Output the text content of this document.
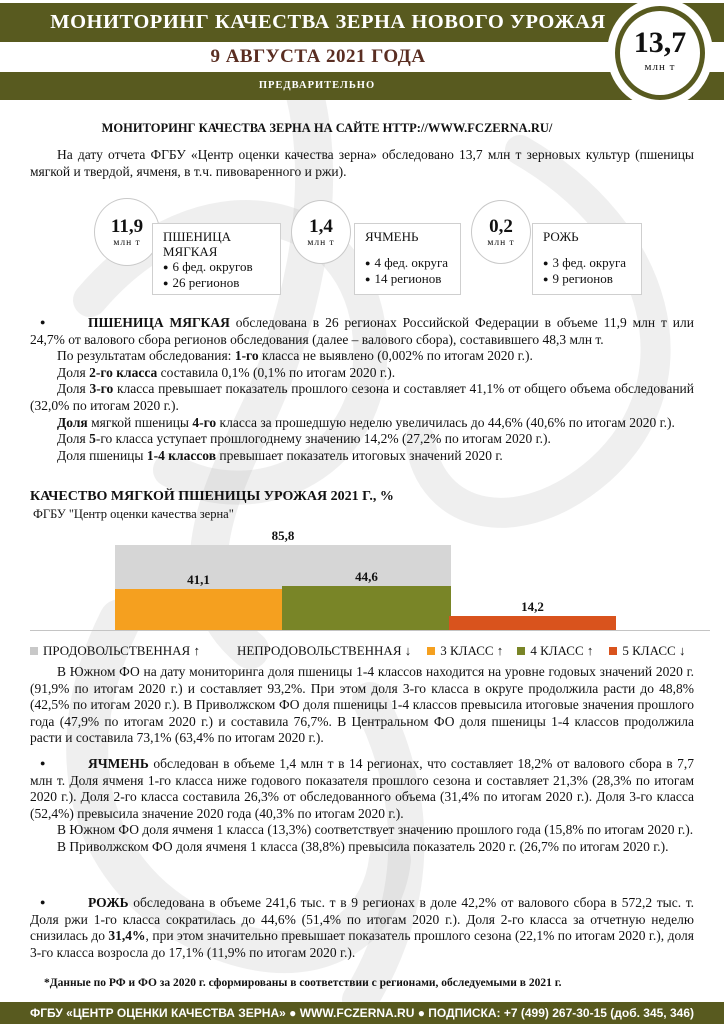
МОНИТОРИНГ КАЧЕСТВА ЗЕРНА НОВОГО УРОЖАЯ
9 АВГУСТА 2021 ГОДА
ПРЕДВАРИТЕЛЬНО
13,7
млн т
МОНИТОРИНГ КАЧЕСТВА ЗЕРНА НА САЙТЕ HTTP://WWW.FCZERNA.RU/
На дату отчета ФГБУ «Центр оценки качества зерна» обследовано 13,7 млн т зерновых культур (пшеницы мягкой и твердой, ячменя, в т.ч. пивоваренного и ржи).
11,9
млн т	ПШЕНИЦА МЯГКАЯ
● 6 фед. округов
● 26 регионов
1,4
млн т	ЯЧМЕНЬ
● 4 фед. округа
● 14 регионов
0,2
млн т	РОЖЬ
● 3 фед. округа
● 9 регионов

●	ПШЕНИЦА МЯГКАЯ обследована в 26 регионах Российской Федерации в объеме 11,9 млн т или 24,7% от валового сбора регионов обследования (далее – валового сбора), составившего 48,3 млн т.

По результатам обследования: 1-го класса не выявлено (0,002% по итогам 2020 г.).

Доля 2-го класса составила 0,1% (0,1% по итогам 2020 г.).

Доля 3-го класса превышает показатель прошлого сезона и составляет 41,1% от общего объема обследований (32,0% по итогам 2020 г.).

Доля мягкой пшеницы 4-го класса за прошедшую неделю увеличилась до 44,6% (40,6% по итогам 2020 г.).

Доля 5-го класса уступает прошлогоднему значению 14,2% (27,2% по итогам 2020 г.).

Доля пшеницы 1-4 классов превышает показатель итоговых значений 2020 г.

КАЧЕСТВО МЯГКОЙ ПШЕНИЦЫ УРОЖАЯ 2021 Г., %
ФГБУ "Центр оценки качества зерна"
85,8
41,1	44,6
14,2
ПРОДОВОЛЬСТВЕННАЯ ↑	НЕПРОДОВОЛЬСТВЕННАЯ ↓ 3 КЛАСС ↑ 4 КЛАСС ↑ 5 КЛАСС ↓

В Южном ФО на дату мониторинга доля пшеницы 1-4 классов находится на уровне годовых значений 2020 г. (91,9% по итогам 2020 г.) и составляет 93,2%. При этом доля 3-го класса в округе продолжила расти до 48,8% (42,5% по итогам 2020 г.). В Приволжском ФО доля пшеницы 1-4 классов превысила итоговые значения прошлого года (47,9% по итогам 2020 г.) и составила 76,7%. В Центральном ФО доля пшеницы 1-4 классов продолжила расти и составила 73,1% (63,4% по итогам 2020 г.).

●	ЯЧМЕНЬ обследован в объеме 1,4 млн т в 14 регионах, что составляет 18,2% от валового сбора в 7,7 млн т. Доля ячменя 1-го класса ниже годового показателя прошлого сезона и составляет 21,3% (28,3% по итогам 2020 г.). Доля 2-го класса составила 26,3% от обследованного объема (31,4% по итогам 2020 г.). Доля 3-го класса (52,4%) превысила значение 2020 года (40,3% по итогам 2020 г.).

В Южном ФО доля ячменя 1 класса (13,3%) соответствует значению прошлого года (15,8% по итогам 2020 г.).

В Приволжском ФО доля ячменя 1 класса (38,8%) превысила показатель 2020 г. (26,7% по итогам 2020 г.).

●	РОЖЬ обследована в объеме 241,6 тыс. т в 9 регионах в доле 42,2% от валового сбора в 572,2 тыс. т. Доля ржи 1-го класса сократилась до 44,6% (51,4% по итогам 2020 г.). Доля 2-го класса за отчетную неделю снизилась до 31,4%, при этом значительно превышает показатель прошлого сезона (22,1% по итогам 2020 г.), доля 3-го класса возросла до 17,1% (11,9% по итогам 2020 г.).

*Данные по РФ и ФО за 2020 г. сформированы в соответствии с регионами, обследуемыми в 2021 г.
ФГБУ «ЦЕНТР ОЦЕНКИ КАЧЕСТВА ЗЕРНА» ● WWW.FCZERNA.RU ● ПОДПИСКА: +7 (499) 267-30-15 (доб. 345, 346)
